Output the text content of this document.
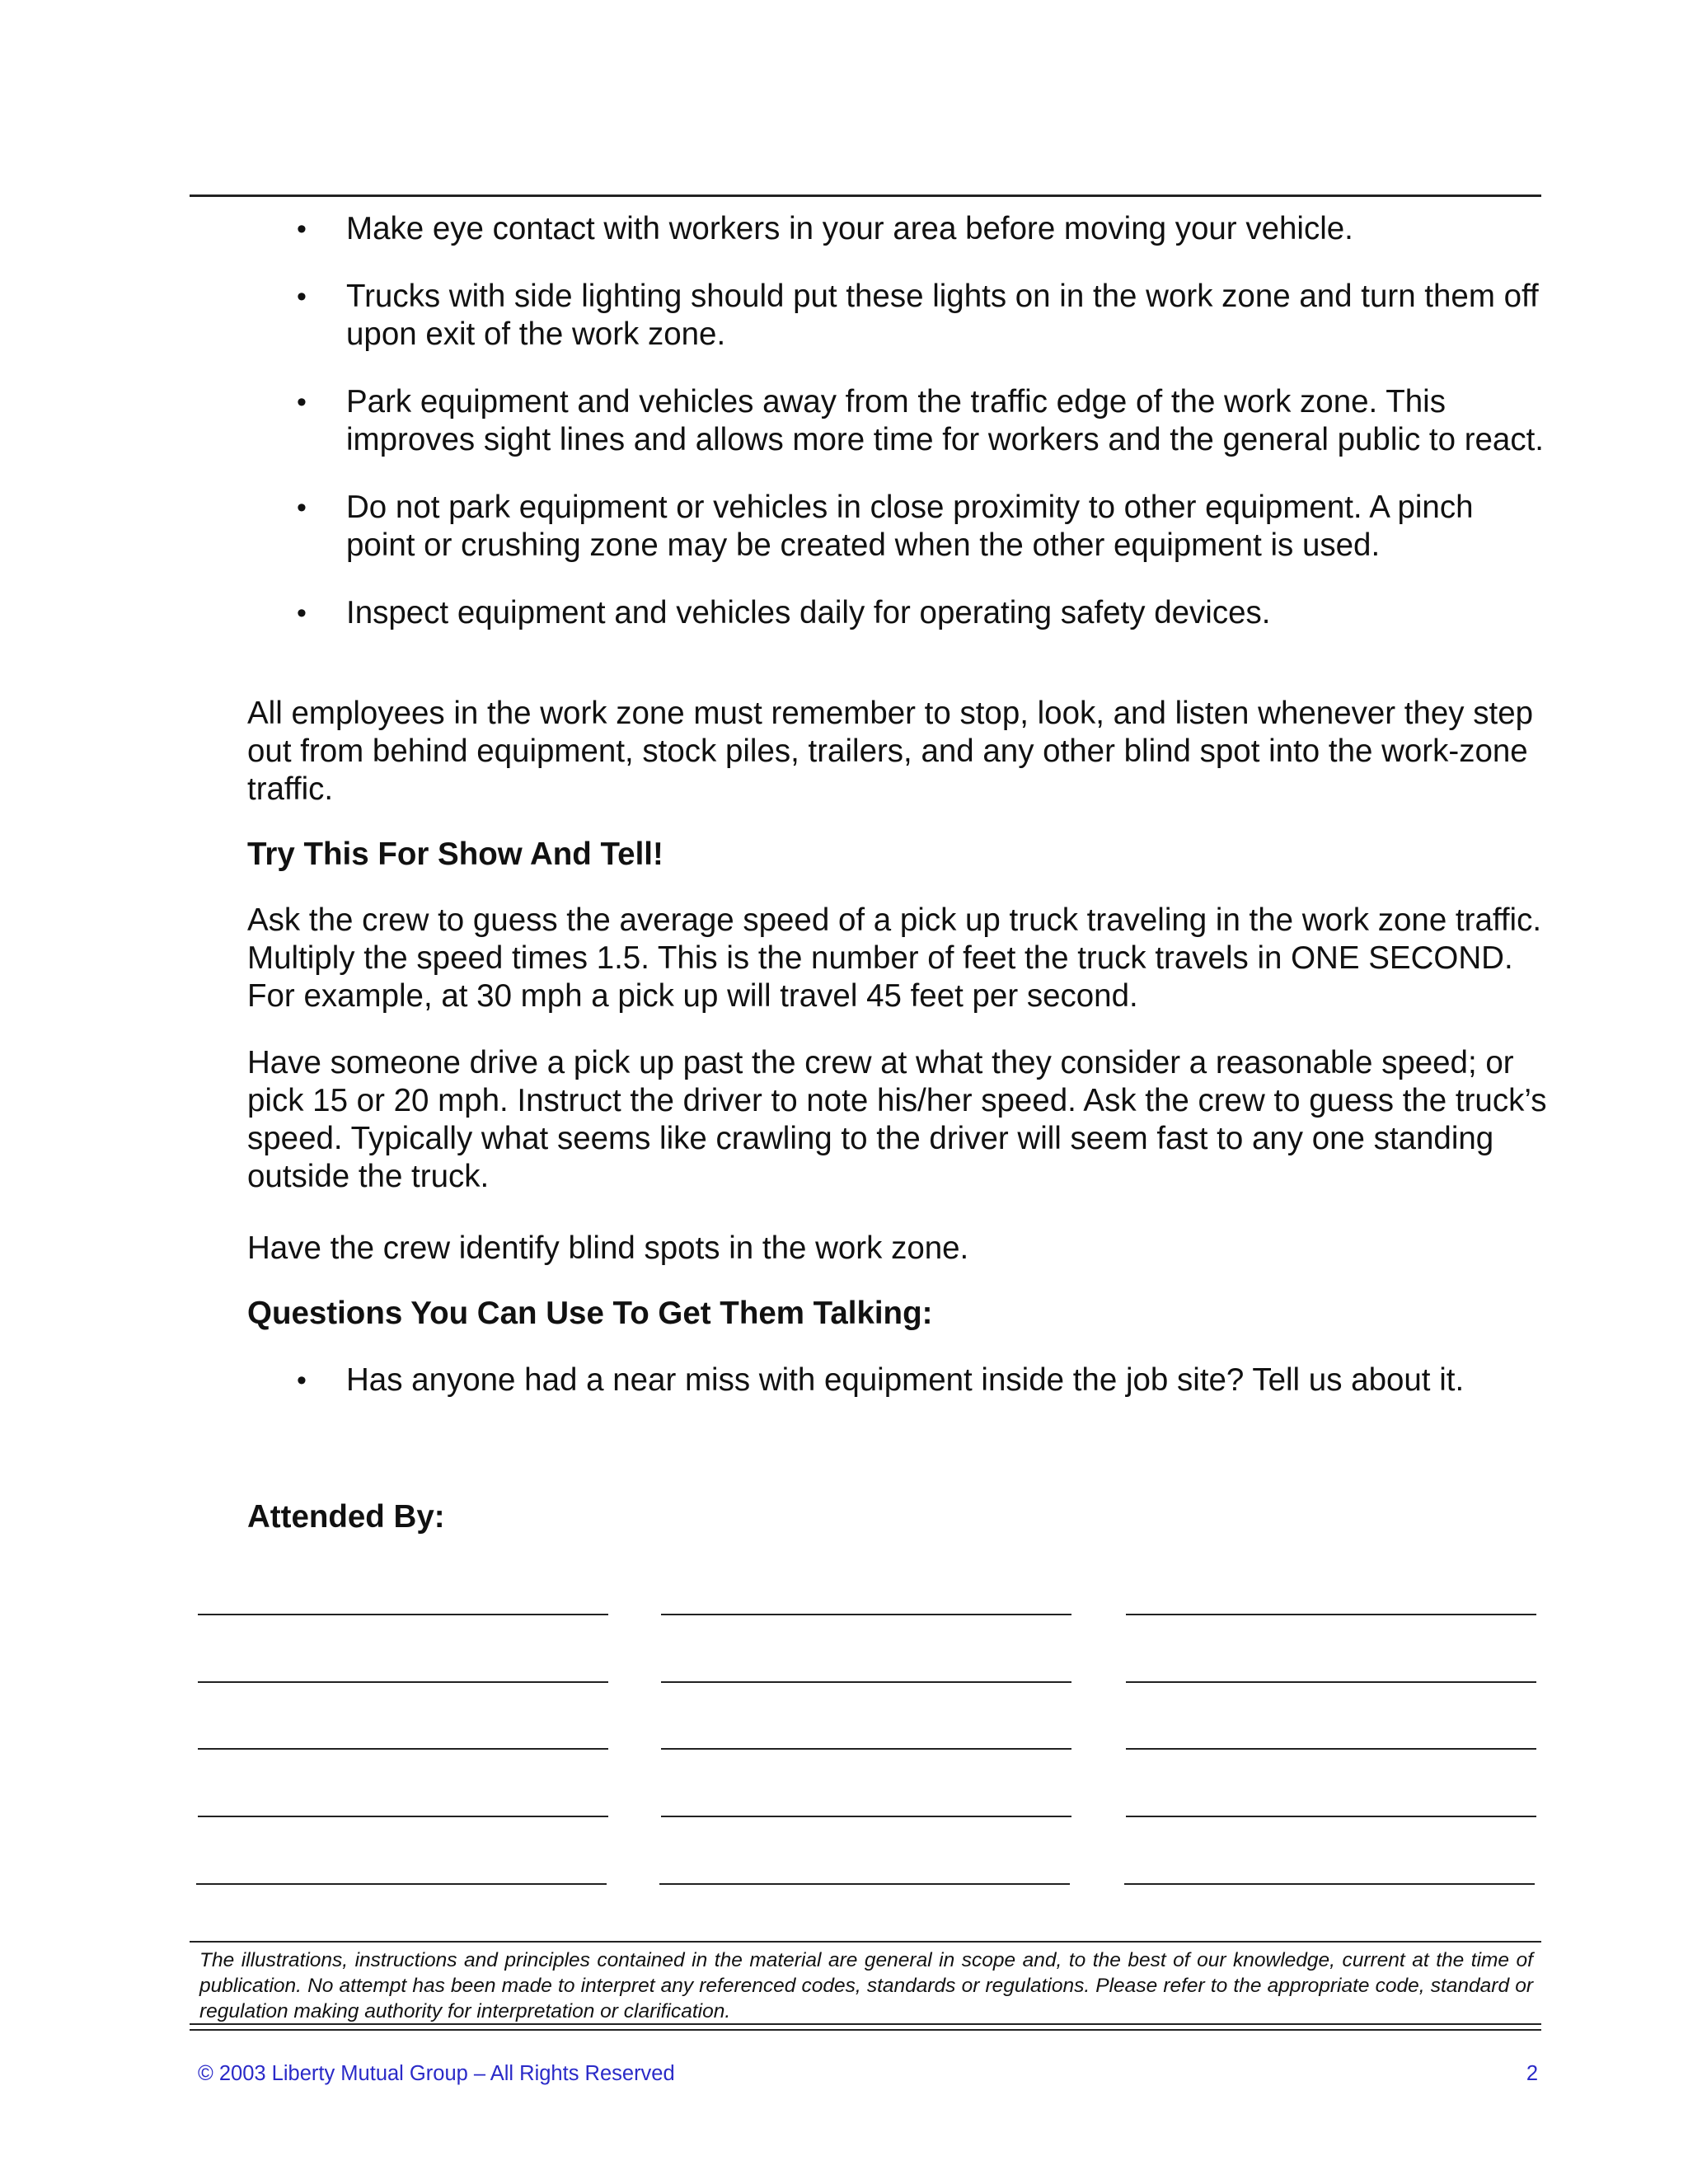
• Make eye contact with workers in your area before moving your vehicle.
• Trucks with side lighting should put these lights on in the work zone and turn them off upon exit of the work zone.
• Park equipment and vehicles away from the traffic edge of the work zone. This improves sight lines and allows more time for workers and the general public to react.
• Do not park equipment or vehicles in close proximity to other equipment. A pinch point or crushing zone may be created when the other equipment is used.
• Inspect equipment and vehicles daily for operating safety devices.

All employees in the work zone must remember to stop, look, and listen whenever they step out from behind equipment, stock piles, trailers, and any other blind spot into the work-zone traffic.

Try This For Show And Tell!

Ask the crew to guess the average speed of a pick up truck traveling in the work zone traffic. Multiply the speed times 1.5. This is the number of feet the truck travels in ONE SECOND. For example, at 30 mph a pick up will travel 45 feet per second.

Have someone drive a pick up past the crew at what they consider a reasonable speed; or pick 15 or 20 mph. Instruct the driver to note his/her speed. Ask the crew to guess the truck’s speed. Typically what seems like crawling to the driver will seem fast to any one standing outside the truck.

Have the crew identify blind spots in the work zone.

Questions You Can Use To Get Them Talking:

• Has anyone had a near miss with equipment inside the job site? Tell us about it.

Attended By:

The illustrations, instructions and principles contained in the material are general in scope and, to the best of our knowledge, current at the time of publication. No attempt has been made to interpret any referenced codes, standards or regulations. Please refer to the appropriate code, standard or regulation making authority for interpretation or clarification.

© 2003 Liberty Mutual Group – All Rights Reserved	2
